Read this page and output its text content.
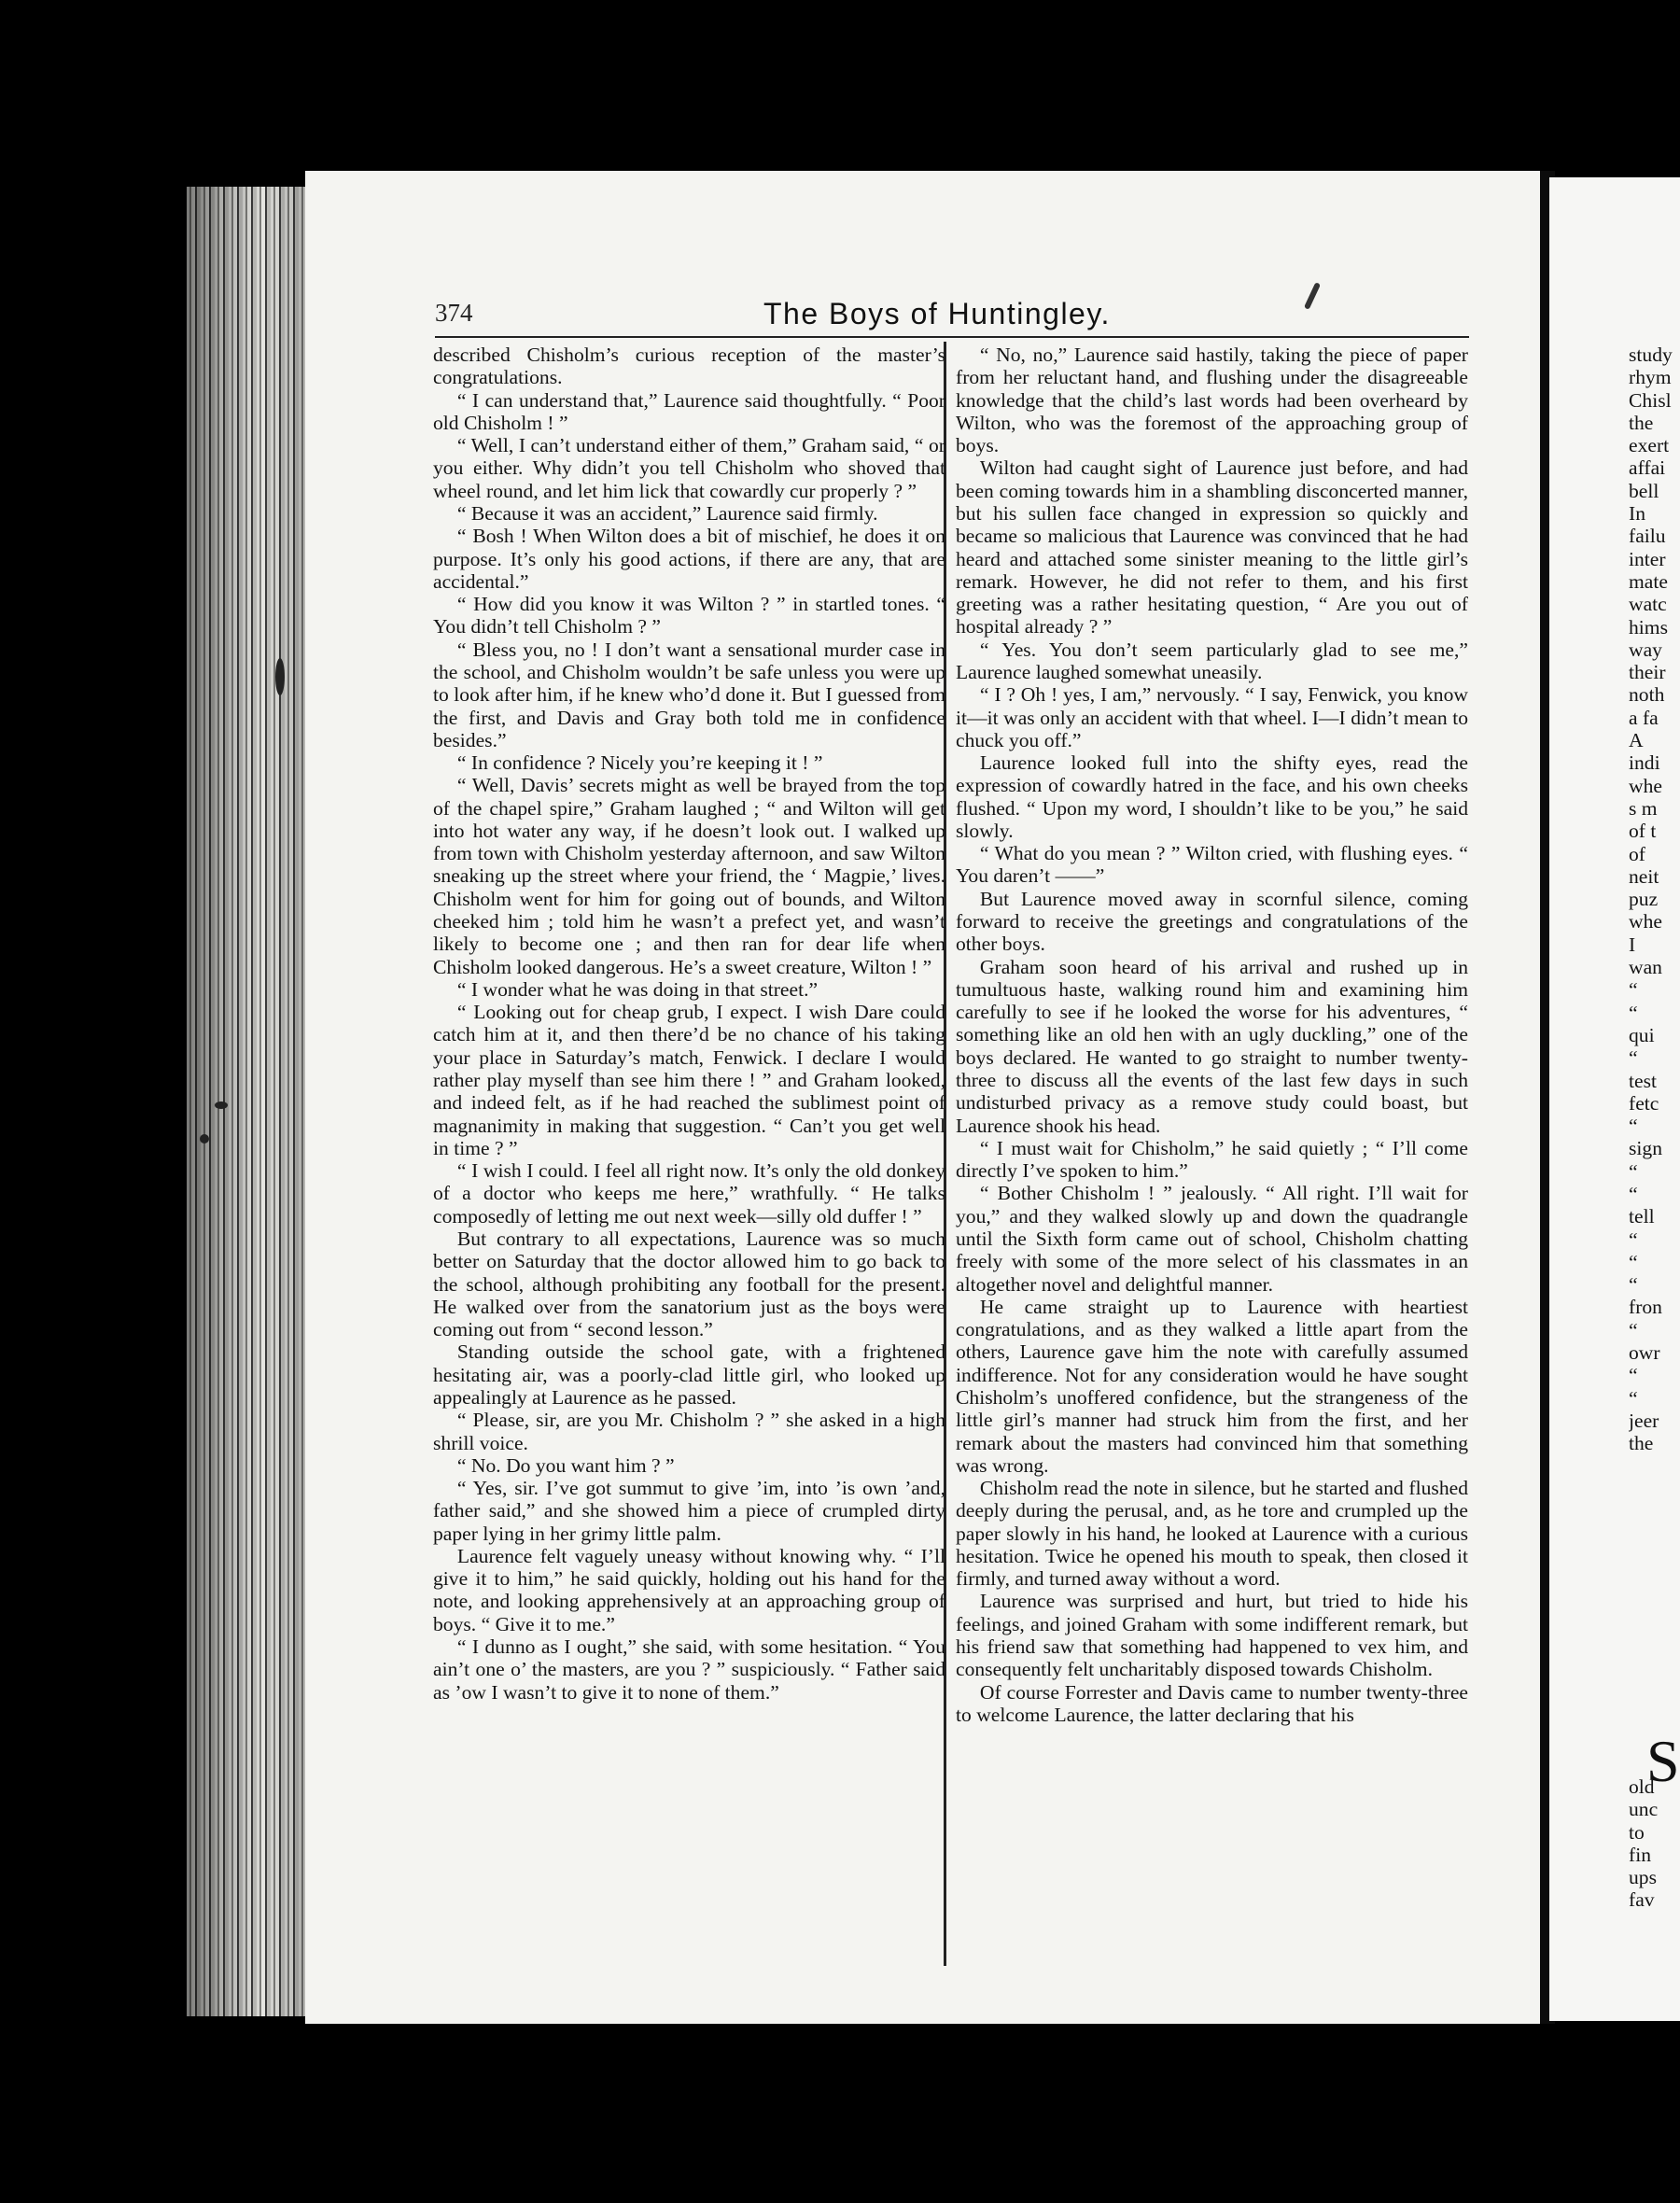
374	The Boys of Huntingley.

described Chisholm’s curious reception of the master’s congratulations.

“ I can understand that,” Laurence said thoughtfully. “ Poor old Chisholm ! ”

“ Well, I can’t understand either of them,” Graham said, “ or you either. Why didn’t you tell Chisholm who shoved that wheel round, and let him lick that cowardly cur properly ? ”

“ Because it was an accident,” Laurence said firmly.

“ Bosh ! When Wilton does a bit of mischief, he does it on purpose. It’s only his good actions, if there are any, that are accidental.”

“ How did you know it was Wilton ? ” in startled tones. “ You didn’t tell Chisholm ? ”

“ Bless you, no ! I don’t want a sensational murder case in the school, and Chisholm wouldn’t be safe unless you were up to look after him, if he knew who’d done it. But I guessed from the first, and Davis and Gray both told me in confidence besides.”

“ In confidence ? Nicely you’re keeping it ! ”

“ Well, Davis’ secrets might as well be brayed from the top of the chapel spire,” Graham laughed ; “ and Wilton will get into hot water any way, if he doesn’t look out. I walked up from town with Chisholm yesterday afternoon, and saw Wilton sneaking up the street where your friend, the ‘ Magpie,’ lives. Chisholm went for him for going out of bounds, and Wilton cheeked him ; told him he wasn’t a prefect yet, and wasn’t likely to become one ; and then ran for dear life when Chisholm looked dangerous. He’s a sweet creature, Wilton ! ”

“ I wonder what he was doing in that street.”

“ Looking out for cheap grub, I expect. I wish Dare could catch him at it, and then there’d be no chance of his taking your place in Saturday’s match, Fenwick. I declare I would rather play myself than see him there ! ” and Graham looked, and indeed felt, as if he had reached the sublimest point of magnanimity in making that suggestion. “ Can’t you get well in time ? ”

“ I wish I could. I feel all right now. It’s only the old donkey of a doctor who keeps me here,” wrathfully. “ He talks composedly of letting me out next week—silly old duffer ! ”

But contrary to all expectations, Laurence was so much better on Saturday that the doctor allowed him to go back to the school, although prohibiting any football for the present. He walked over from the sanatorium just as the boys were coming out from “ second lesson.”

Standing outside the school gate, with a frightened hesitating air, was a poorly-clad little girl, who looked up appealingly at Laurence as he passed.

“ Please, sir, are you Mr. Chisholm ? ” she asked in a high shrill voice.

“ No. Do you want him ? ”

“ Yes, sir. I’ve got summut to give ’im, into ’is own ’and, father said,” and she showed him a piece of crumpled dirty paper lying in her grimy little palm.

Laurence felt vaguely uneasy without knowing why. “ I’ll give it to him,” he said quickly, holding out his hand for the note, and looking apprehensively at an approaching group of boys. “ Give it to me.”

“ I dunno as I ought,” she said, with some hesitation. “ You ain’t one o’ the masters, are you ? ” suspiciously. “ Father said as ’ow I wasn’t to give it to none of them.”

“ No, no,” Laurence said hastily, taking the piece of paper from her reluctant hand, and flushing under the disagreeable knowledge that the child’s last words had been overheard by Wilton, who was the foremost of the approaching group of boys.

Wilton had caught sight of Laurence just before, and had been coming towards him in a shambling disconcerted manner, but his sullen face changed in expression so quickly and became so malicious that Laurence was convinced that he had heard and attached some sinister meaning to the little girl’s remark. However, he did not refer to them, and his first greeting was a rather hesitating question, “ Are you out of hospital already ? ”

“ Yes. You don’t seem particularly glad to see me,” Laurence laughed somewhat uneasily.

“ I ? Oh ! yes, I am,” nervously. “ I say, Fenwick, you know it—it was only an accident with that wheel. I—I didn’t mean to chuck you off.”

Laurence looked full into the shifty eyes, read the expression of cowardly hatred in the face, and his own cheeks flushed. “ Upon my word, I shouldn’t like to be you,” he said slowly.

“ What do you mean ? ” Wilton cried, with flushing eyes. “ You daren’t ——”

But Laurence moved away in scornful silence, coming forward to receive the greetings and congratulations of the other boys.

Graham soon heard of his arrival and rushed up in tumultuous haste, walking round him and examining him carefully to see if he looked the worse for his adventures, “ something like an old hen with an ugly duckling,” one of the boys declared. He wanted to go straight to number twenty-three to discuss all the events of the last few days in such undisturbed privacy as a remove study could boast, but Laurence shook his head.

“ I must wait for Chisholm,” he said quietly ; “ I’ll come directly I’ve spoken to him.”

“ Bother Chisholm ! ” jealously. “ All right. I’ll wait for you,” and they walked slowly up and down the quadrangle until the Sixth form came out of school, Chisholm chatting freely with some of the more select of his classmates in an altogether novel and delightful manner.

He came straight up to Laurence with heartiest congratulations, and as they walked a little apart from the others, Laurence gave him the note with carefully assumed indifference. Not for any consideration would he have sought Chisholm’s unoffered confidence, but the strangeness of the little girl’s manner had struck him from the first, and her remark about the masters had convinced him that something was wrong.

Chisholm read the note in silence, but he started and flushed deeply during the perusal, and, as he tore and crumpled up the paper slowly in his hand, he looked at Laurence with a curious hesitation. Twice he opened his mouth to speak, then closed it firmly, and turned away without a word.

Laurence was surprised and hurt, but tried to hide his feelings, and joined Graham with some indifferent remark, but his friend saw that something had happened to vex him, and consequently felt uncharitably disposed towards Chisholm.

Of course Forrester and Davis came to number twenty-three to welcome Laurence, the latter declaring that his

study
rhym
Chisl
the
exert
affai
bell
In
failu
inter
mate
watc
hims
way
their
noth
a fa
A
indi
whe
s m
of t
of
neit
puz
whe
I
wan
“
“
qui
“
test
fetc
“
sign
“
“
tell
“
“
“
fron
“
owr
“
“
jeer
the
S
old
unc
to
fin
ups
fav
